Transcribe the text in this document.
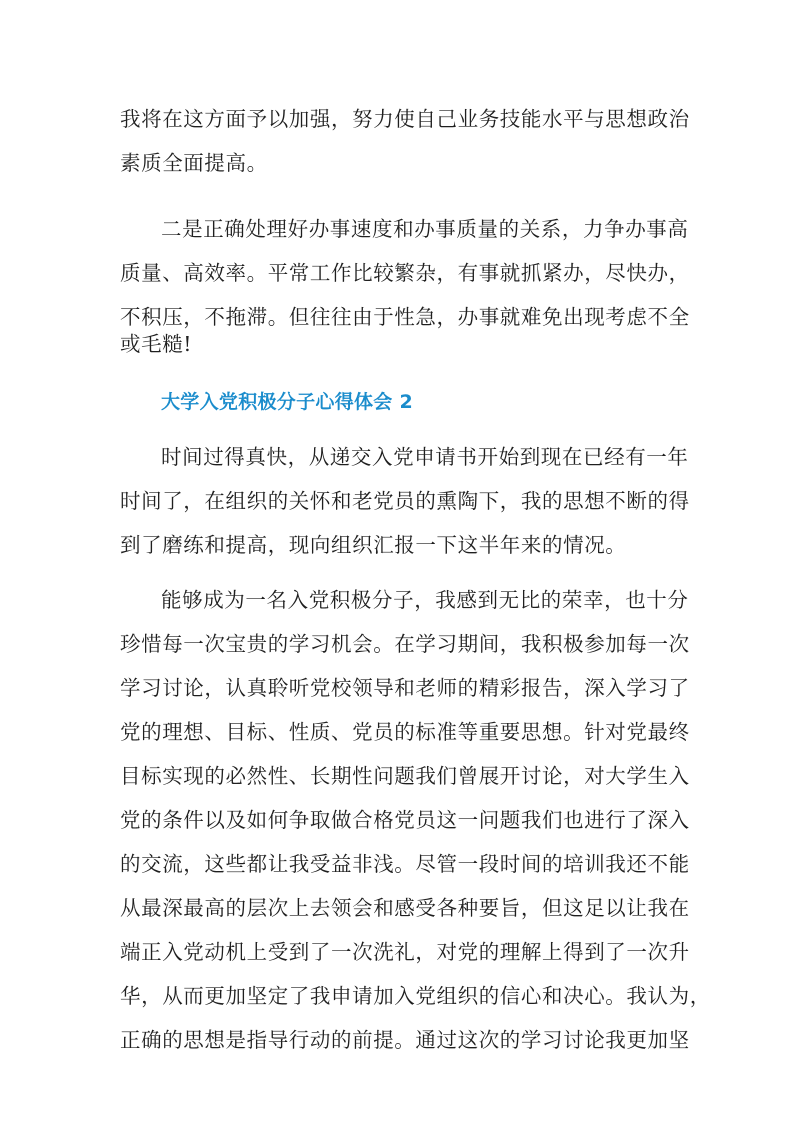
我将在这方面予以加强，努力使自己业务技能水平与思想政治
素质全面提高。
二是正确处理好办事速度和办事质量的关系，力争办事高
质量、高效率。平常工作比较繁杂，有事就抓紧办，尽快办，
不积压，不拖滞。但往往由于性急，办事就难免出现考虑不全
或毛糙!
大学入党积极分子心得体会 2
时间过得真快，从递交入党申请书开始到现在已经有一年
时间了，在组织的关怀和老党员的熏陶下，我的思想不断的得
到了磨练和提高，现向组织汇报一下这半年来的情况。
能够成为一名入党积极分子，我感到无比的荣幸，也十分
珍惜每一次宝贵的学习机会。在学习期间，我积极参加每一次
学习讨论，认真聆听党校领导和老师的精彩报告，深入学习了
党的理想、目标、性质、党员的标准等重要思想。针对党最终
目标实现的必然性、长期性问题我们曾展开讨论，对大学生入
党的条件以及如何争取做合格党员这一问题我们也进行了深入
的交流，这些都让我受益非浅。尽管一段时间的培训我还不能
从最深最高的层次上去领会和感受各种要旨，但这足以让我在
端正入党动机上受到了一次洗礼，对党的理解上得到了一次升
华，从而更加坚定了我申请加入党组织的信心和决心。我认为，
正确的思想是指导行动的前提。通过这次的学习讨论我更加坚
